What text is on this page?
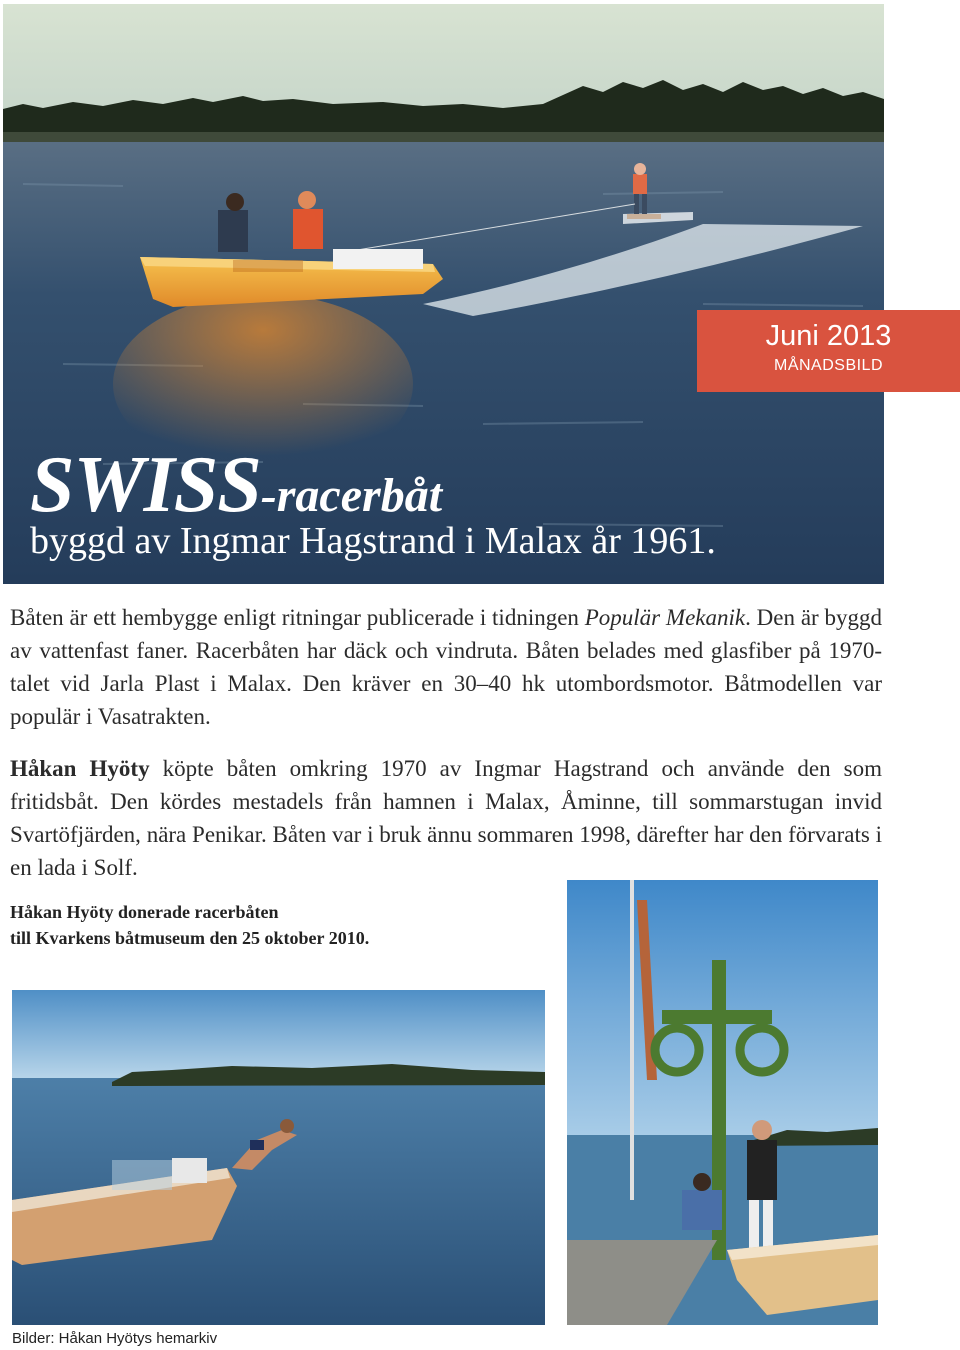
Juni 2013
MÅNADSBILD
SWISS-racerbåt
byggd av Ingmar Hagstrand i Malax år 1961.
Båten är ett hembygge enligt ritningar publicerade i tidningen Populär Mekanik. Den är byggd av vattenfast faner. Racerbåten har däck och vindruta. Båten belades med glasfiber på 1970-talet vid Jarla Plast i Malax. Den kräver en 30–40 hk utombordsmotor. Båtmodellen var populär i Vasatrakten.
Håkan Hyöty köpte båten omkring 1970 av Ingmar Hagstrand och använde den som fritidsbåt. Den kördes mestadels från hamnen i Malax, Åminne, till sommarstugan invid Svartöfjärden, nära Penikar. Båten var i bruk ännu sommaren 1998, därefter har den förvarats i en lada i Solf.
Håkan Hyöty donerade racerbåten
till Kvarkens båtmuseum den 25 oktober 2010.
Bilder: Håkan Hyötys hemarkiv
